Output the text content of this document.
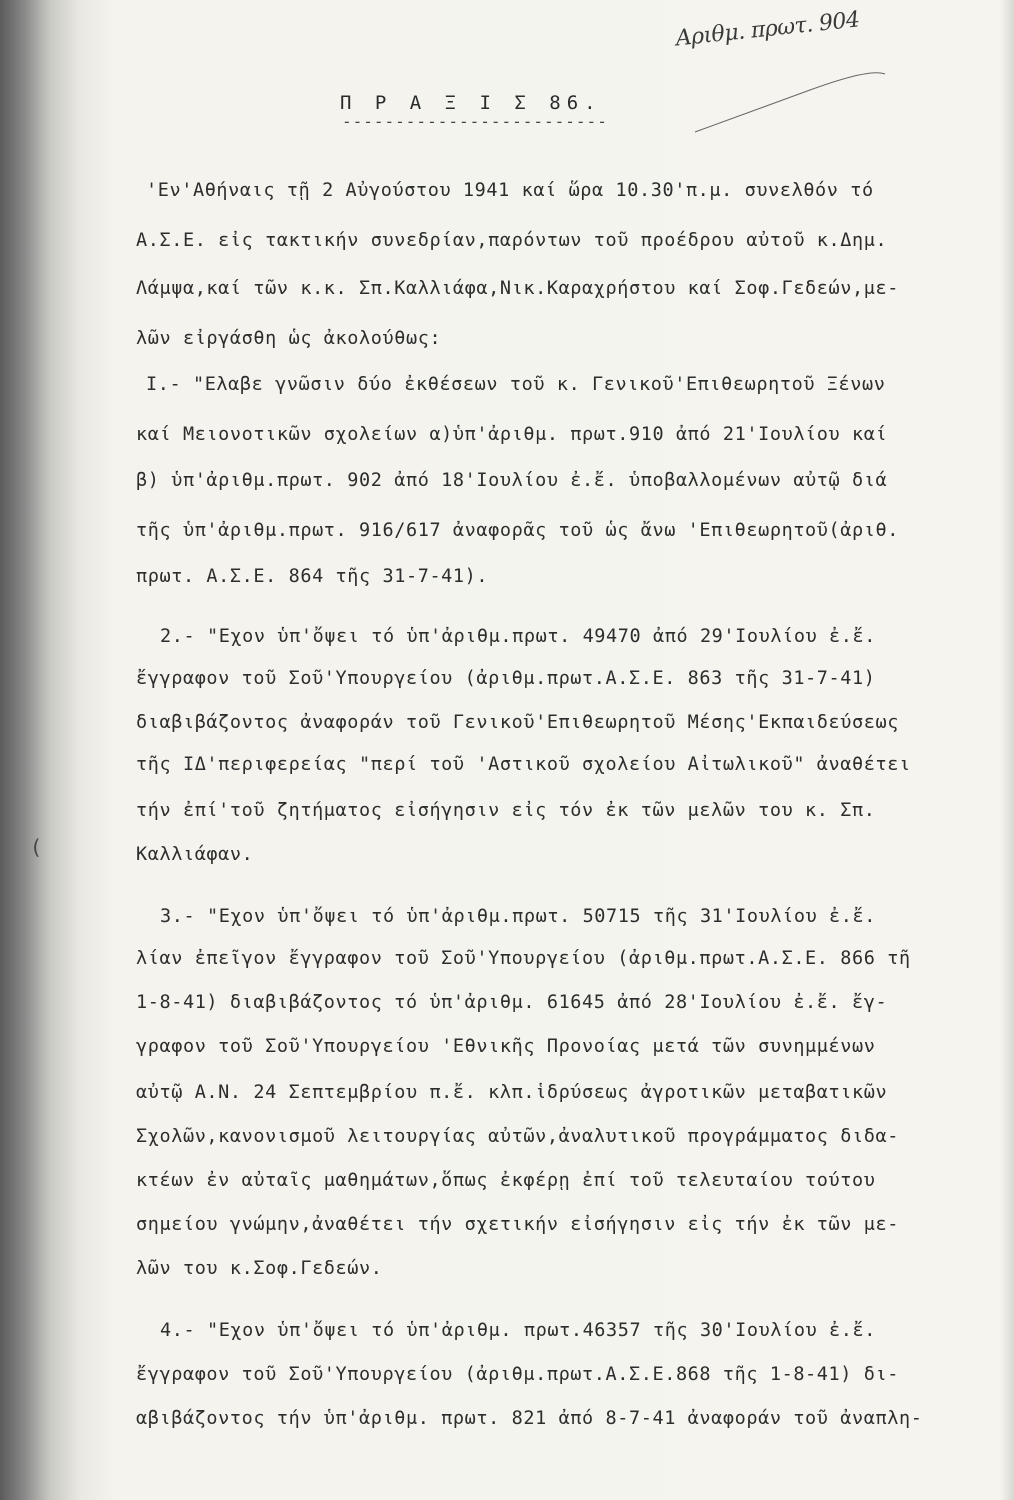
Αριθμ. πρωτ. 904
Π Ρ Α Ξ Ι Σ 86.
-------------------------
'Εν'Αθήναις τῇ 2 Αὐγούστου 1941 καί ὥρα 10.30'π.μ. συνελθόν τό
Α.Σ.Ε. εἰς τακτικήν συνεδρίαν,παρόντων τοῦ προέδρου αὐτοῦ κ.Δημ.
Λάμψα,καί τῶν κ.κ. Σπ.Καλλιάφα,Νικ.Καραχρήστου καί Σοφ.Γεδεών,με-
λῶν εἰργάσθη ὡς ἀκολούθως:
Ι.- "Ελαβε γνῶσιν δύο ἐκθέσεων τοῦ κ. Γενικοῦ'Επιθεωρητοῦ Ξένων
καί Μειονοτικῶν σχολείων α)ὑπ'ἀριθμ. πρωτ.910 ἀπό 21'Ιουλίου καί
β) ὑπ'ἀριθμ.πρωτ. 902 ἀπό 18'Ιουλίου ἐ.ἔ. ὑποβαλλομένων αὐτῷ διά
τῆς ὑπ'ἀριθμ.πρωτ. 916/617 ἀναφορᾶς τοῦ ὡς ἄνω 'Επιθεωρητοῦ(ἀριθ.
πρωτ. Α.Σ.Ε. 864 τῆς 31-7-41).
2.- "Εχον ὑπ'ὄψει τό ὑπ'ἀριθμ.πρωτ. 49470 ἀπό 29'Ιουλίου ἐ.ἔ.
ἔγγραφον τοῦ Σοῦ'Υπουργείου (ἀριθμ.πρωτ.Α.Σ.Ε. 863 τῆς 31-7-41)
διαβιβάζοντος ἀναφοράν τοῦ Γενικοῦ'Επιθεωρητοῦ Μέσης'Εκπαιδεύσεως
τῆς ΙΔ'περιφερείας "περί τοῦ 'Αστικοῦ σχολείου Αἰτωλικοῦ" ἀναθέτει
τήν ἐπί'τοῦ ζητήματος εἰσήγησιν εἰς τόν ἐκ τῶν μελῶν του κ. Σπ.
Καλλιάφαν.
3.- "Εχον ὑπ'ὄψει τό ὑπ'ἀριθμ.πρωτ. 50715 τῆς 31'Ιουλίου ἐ.ἔ.
λίαν ἐπεῖγον ἔγγραφον τοῦ Σοῦ'Υπουργείου (ἀριθμ.πρωτ.Α.Σ.Ε. 866 τῆ
1-8-41) διαβιβάζοντος τό ὑπ'ἀριθμ. 61645 ἀπό 28'Ιουλίου ἐ.ἔ. ἔγ-
γραφον τοῦ Σοῦ'Υπουργείου 'Εθνικῆς Προνοίας μετά τῶν συνημμένων
αὐτῷ Α.Ν. 24 Σεπτεμβρίου π.ἔ. κλπ.ἱδρύσεως ἀγροτικῶν μεταβατικῶν
Σχολῶν,κανονισμοῦ λειτουργίας αὐτῶν,ἀναλυτικοῦ προγράμματος διδα-
κτέων ἐν αὐταῖς μαθημάτων,ὅπως ἐκφέρῃ ἐπί τοῦ τελευταίου τούτου
σημείου γνώμην,ἀναθέτει τήν σχετικήν εἰσήγησιν εἰς τήν ἐκ τῶν με-
λῶν του κ.Σοφ.Γεδεών.
4.- "Εχον ὑπ'ὄψει τό ὑπ'ἀριθμ. πρωτ.46357 τῆς 30'Ιουλίου ἐ.ἔ.
ἔγγραφον τοῦ Σοῦ'Υπουργείου (ἀριθμ.πρωτ.Α.Σ.Ε.868 τῆς 1-8-41) δι-
αβιβάζοντος τήν ὑπ'ἀριθμ. πρωτ. 821 ἀπό 8-7-41 ἀναφοράν τοῦ ἀναπλη-
(
